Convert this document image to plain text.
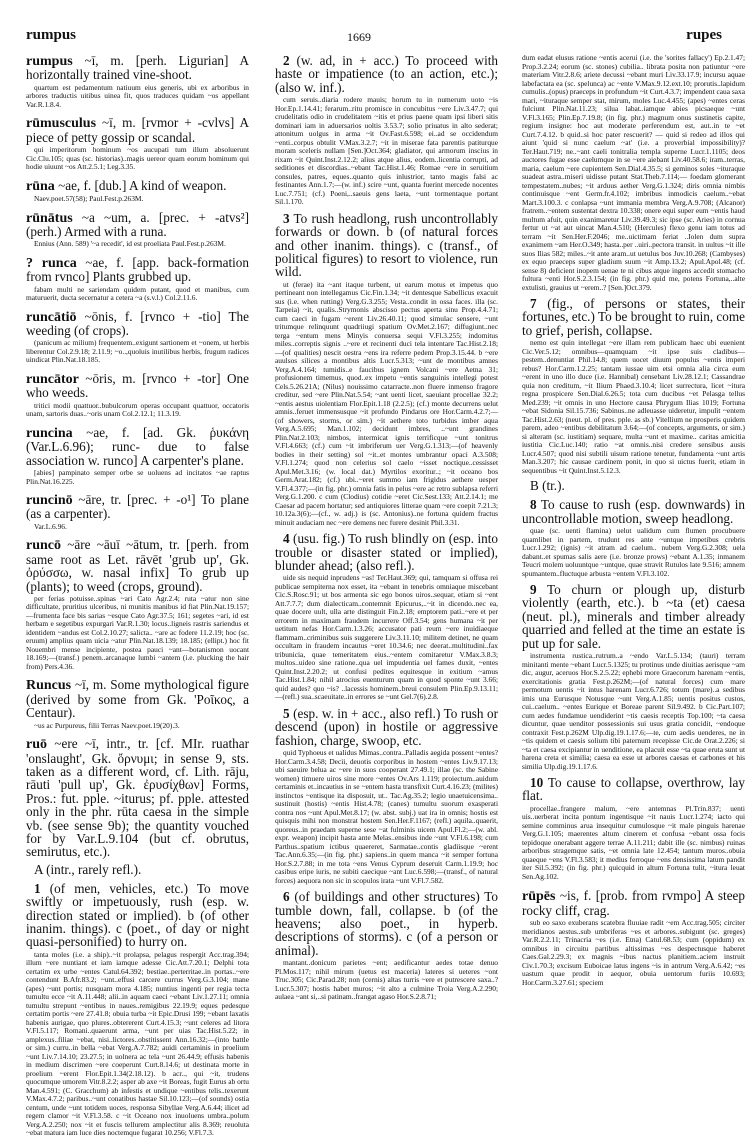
rumpus	1669	rupes

rumpus ~ī, m. [perh. Ligurian] A horizontally trained vine-shoot.

quartum est pedamentum natiuum eius generis, ubi ex arboribus in arbores traductis uitibus uinea fit, quos traduces quidam ~os appellant Var.R.1.8.4.

rūmusculus ~ī, m. [rvmor + -cvlvs] A piece of petty gossip or scandal.

qui imperitorum hominum ~os aucupati tum illum absoluerunt Cic.Clu.105; quas (sc. historias)..magis uereor quam eorum hominum qui hodie uiuunt ~os Att.2.5.1; Leg.3.35.

rūna ~ae, f. [dub.] A kind of weapon.

Naev.poet.57(58); Paul.Fest.p.263M.

rūnātus ~a ~um, a. [prec. + -atvs²] (perh.) Armed with a runa.

Ennius (Ann. 589) '~a recedit', id est proeliata Paul.Fest.p.263M.

? runca ~ae, f. [app. back-formation from rvnco] Plants grubbed up.

fabam multi ne sariendam quidem putant, quod et manibus, cum maturuerit, ducta secernatur a cetera ~a (s.v.l.) Col.2.11.6.

runcātiō ~ōnis, f. [rvnco + -tio] The weeding (of crops).

(panicum ac milium) frequentem..exigunt sartionem et ~onem, ut herbis liberentur Col.2.9.18; 2.11.9; ~o..,quoluis inutilibus herbis, frugum radices uindicat Plin.Nat.18.185.

runcātor ~ōris, m. [rvnco + -tor] One who weeds.

tritici modii quattuor..bubulcorum operas occupant quattuor, occatoris unam, sartoris duas..~oris unam Col.2.12.1; 11.3.19.

runcina ~ae, f. [ad. Gk. ῥυκάνη (Var.L.6.96); runc- due to false association w. runco] A carpenter's plane.

[abies] pampinato semper orbe se uoluens ad incitatos ~ae raptus Plin.Nat.16.225.

runcinō ~āre, tr. [prec. + -o¹] To plane (as a carpenter).

Var.L.6.96.

runcō ~āre ~āuī ~ātum, tr. [perh. from same root as Let. rāvēt 'grub up', Gk. ὀρύσσω, w. nasal infix] To grub up (plants); to weed (crops, ground).

per ferias potuisse..spinas ~ari Cato Agr.2.4; ruta ~atur non sine difficultate, pruritius ulceribus, ni munitis manibus id fiat Plin.Nat.19.157;—frumenta face bis sarias ~esque Cato Agr.37.5; 161; segetes ~ari, id est herbam e segetibus expurgari Var.R.1.30; locus..ligneis rastris sariendus et identidem ~andus est Col.2.10.27; salicta.. ~are ac fodere 11.2.19; hoc (sc. eruum) amplius quam uicia ~atur Plin.Nat.18.139; 18.185; (ellipt.) hoc fit Nouembri mense incipiente, postea pauci ~ant—botanismon uocant 18.169;—(transf.) penem..arcanaque lumbi ~antem (i.e. plucking the hair from) Pers.4.36.

Runcus ~ī, m. Some mythological figure (derived by some from Gk. 'Ροῖκος, a Centaur).

~us ac Purpureus, filii Terras Naev.poet.19(20).3.

ruō ~ere ~ī, intr., tr. [cf. MIr. ruathar 'onslaught', Gk. ὄρνυμι; in sense 9, sts. taken as a different word, cf. Lith. rāju, rāuti 'pull up', Gk. ἐρυσίχθων] Forms, Pros.: fut. pple. ~iturus; pf. pple. attested only in the phr. rūta caesa in the simple vb. (see sense 9b); the quantity vouched for by Var.L.9.104 (but cf. obrutus, semirutus, etc.).

A (intr., rarely refl.).

1 (of men, vehicles, etc.) To move swiftly or impetuously, rush (esp. w. direction stated or implied). b (of other inanim. things). c (poet., of day or night quasi-personified) to hurry on.

tanta moles (i.e. a ship)..~it prolapsa, pelagus respergit Acc.trag.394; illum ~ere nuntiant et iam iamque adesse Cic.Att.7.20.1; Delphi tota certatim ex urbe ~entes Catul.64.392; bestiae..perterritae..in portas..~ere contendunt B.Afr.83.2; ~unt..effusi carcere currus Verg.G.3.104; mane (apes) ~unt portis; nusquam mora 4.185; nuntius ingenti per regia tecta tumultu ecce ~it A.11.448; alii..in aquam caeci ~ebant Liv.1.27.11; omnia tumultu strepunt ~entibus in naues..remigibus 22.19.9; eques pedesque certatim portis ~ere 27.41.8; obuia turba ~it Epic.Drusi 199; ~ebant laxatis habenis aurigae, quo plures..obtererent Curt.4.15.3; ~unt celeres ad litora V.Fl.5.117; Romani..quaerunt arma, ~unt per uias Tac.Hist.5.22; in amplexus..filiae ~ebat, nisi..lictores..obstitissent Ann.16.32;—(into battle or sim.) curru..in bella ~ebat Verg.A.7.782; auidi certaminis in proelium ~unt Liv.7.14.10; 23.27.5; in uolnera ac tela ~unt 26.44.9; effusis habenis in medium discrimen ~ere coeperunt Curt.8.14.6; ut destinata morte in proelium ~erent Flor.Epit.1.34(2.18.12). b acr.., qui ~it, trudens quocumque umorem Vitr.8.2.2; asper ab axe ~it Boreas, fugit Eurus ab ortu Man.4.591; (C. Gracchum) ab infestis et undique ~entibus telis..texerunt V.Max.4.7.2; paribus..~unt conatibus hastae Sil.10.123;—(of sounds) ostia centum, unde ~unt totidem uoces, responsa Sibyllae Verg.A.6.44; ilicet ad regem clamor ~it V.Fl.3.58. c ~it Oceano nox inuoluens umbra..polum Verg.A.2.250; nox ~it et fuscis tellurem amplectitur alis 8.369; reuoluta ~ebat matura iam luce dies noctemque fugarat 10.256; V.Fl.7.3.

2 (w. ad, in + acc.) To proceed with haste or impatience (to an action, etc.); (also w. inf.).

cum seruis..diaria rodere mauis; horum tu in numerum uoto ~is Hor.Ep.1.14.41; ferarum..ritu promisce in concubitus ~ere Liv.3.47.7; qui crudelitatis odio in crudelitatem ~itis et prius paene quam ipsi liberi sitis dominari iam in aduersarios uoltis 3.53.7; solio priuatus in alto sederat; attonitum uolgus in arma ~it Ov.Fast.6.598; ei..ad se occidendum ~enti..corpus obtulit V.Max.3.2.7; ~it in miserae fata parentis patiturque moram sceleris nullam [Sen.]Oct.364; gladiator, qui armorum inscius in rixam ~it Quint.Inst.2.12.2; alius atque alius, eodem..licentia corrupti, ad seditiones et discordias..~ebant Tac.Hist.1.46; Romae ~ere in seruitium consules, patres, eques..quanto quis inlustrior, tanto magis falsi ac festinantes Ann.1.7;—(w. inf.) scire ~unt, quanta fuerint mercede nocentes Luc.7.751; (cf.) Poeni,..saeuis gens laeta, ~unt tormentaque portant Sil.1.170.

3 To rush headlong, rush uncontrollably forwards or down. b (of natural forces and other inanim. things). c (transf., of political figures) to resort to violence, run wild.

ut (ferae) ita ~ant itaque turbent, ut earum motus et impetus quo pertineant non intellegamus Cic.Fin.1.34; ~it dentesque Sabellicus exacuit sus (i.e. when rutting) Verg.G.3.255; Vesta..condit in ossa faces. illa (sc. Tarpeia) ~it, qualis..Strymonis abscisso pectus aperta sinu Prop.4.4.71; cum caeci in fugam ~erent Liv.26.40.11; quod simulac sensere, ~unt tritumque relinquunt quadriiugi spatium Ov.Met.2.167; diffugiunt..nec terga ~entum mens Minyis conuersa sequi V.Fl.3.255; indomitus miles..correptis signis ..~ere et recinenti duci tela intentare Tac.Hist.2.18;—(of qualities) nescit oestra ~ens ira referre pedem Prop.3.15.44. b ~ere auulsos silices a montibus altis Lucr.5.313; ~unt de montibus amnes Verg.A.4.164; tumidis..e faucibus ignem Volcani ~ere Aetna 31; profusionem timemus, quod..ex impetu ~entis sanguinis intellegi potest Cels.5.26.21A; (Nilus) nouissimo catarracte..non fluere inmenso fragore creditur, sed ~ere Plin.Nat.5.54; ~ant uenti licet, saeuiant procellae 32.2; ~entis aestus uiolentiam Flor.Epit.1.18 (2.2.5); (cf.) monte decurrens uelut amnis..feruet immensusque ~it profundo Pindarus ore Hor.Carm.4.2.7;—(of showers, storms, or sim.) ~it aethere toto turbidus imber aqua Verg.A.5.695; Man.1.102; decidunt imbres, ..~unt grandines Plin.Nat.2.103; nimbos, intermicat ignis terrificque ~unt tonitrus V.Fl.4.663; (cf.) cum ~it imbriferum uer Verg.G.1.313;—(of heavenly bodies in their setting) sol ~it..et montes umbrantur opaci A.3.508; V.Fl.1.274; quod non celerius sol caelo ~isset noctique..cessisset Apul.Met.3.16; (w. local dat.) Myrtilos exoritur..; ~it oceano bos Germ.Arat.182; (cf.) ubi..~eret summo iam frigidus aethere uesper V.Fl.4.377;—(in fig. phr.) omnia fatis in pelus ~ere ac retro sublapsa referri Verg.G.1.200. c cum (Clodius) cotidie ~eret Cic.Sest.133; Att.2.14.1; me Caesar ad pacem hortatur; sed antiquiores litterae quam ~ere coepit 7.21.3; 10.12a.3(6);—(cf., w. adj.) is (sc. Antonius)..ne fortuna quidem fractus minuit audaciam nec ~ere demens nec furere desinit Phil.3.31.

4 (usu. fig.) To rush blindly on (esp. into trouble or disaster stated or implied), blunder ahead; (also refl.).

uide sis nequid inprudens ~as! Ter.Haut.369; qui, tamquam si offusa rei publicae sempiterna nox esset, ita ~ebant in tenebris omniaque miscebant Cic.S.Rosc.91; ut bos armenta sic ego bonos uiros..sequar, etiam si ~ent Att.7.7.7; dum dialecticam..contemnit Epicurus,..~it in dicendo..nec ea, quae docere uult, ulla arte distinguit Fin.2.18; emptorem pati..~ere et per errorem in maximam fraudem incurrere Off.3.54; gens humana ~it per uetitum nefas Hor.Carm.1.3.26; accusator pati reum ~ere inuidiaeque flammam..criminibus suis suggerere Liv.3.11.10; militem detinet, ne quam occultam in fraudem incautus ~eret 10.34.6; nec deerat..multitudini..fax tribunicia, quae temeritatem eius..~entem comitaretur V.Max.3.8.3; multos..uideo sine ratione..qua uel impudentia uel fames duxit, ~entes Quint.Inst.2.20.2; ut confusi pedites equitesque in exitium ~amus Tac.Hist.1.84; nihil atrocius euenturum quam in quod sponte ~unt 3.66; quid audes? quo ~is? ..lacessis hominem..breui consulem Plin.Ep.9.13.11;—(refl.) sua..scaeuitate..in errores se ~unt Gel.7(6).2.8.

5 (esp. w. in + acc., also refl.) To rush or descend (upon) in hostile or aggressive fashion, charge, swoop, etc.

quid Typhoeus et ualidus Mimas..contra..Palladis aegida possent ~entes? Hor.Carm.3.4.58; Decii, deuotis corporibus in hostem ~entes Liv.9.17.13; ubi saeuire belua ac ~ere in suos cooperant 27.49.1; illae (sc. the Sabine women) timuere uiros sine more ~entes Ov.Ars 1.119; proiectum..auidum certaminis et..incautius in se ~entem hasta transfixit Curt.4.16.23; (milites) instinctos ~entisque ita disposuit, ut.. Tac.Ag.35.2; legio unaetuicensima.. sustinuit (hostis) ~entis Hist.4.78; (canes) tumultu suorum exasperati contra nos ~unt Apul.Met.8.17; (w. abst. subj.) uat ira in omnis; hostis est quisquis mihi non monstrat hostem Sen.Her.F.1167; (refl.) aquila..quaerit, quoreus..in praedam superne sese ~at fulminis uicem Apul.Fl.2;—(w. abl. expr. weapon) incipit hasta ante Melas..ensibus inde ~unt V.Fl.6.198; cum Parthus..spatium ictibus quaereret, Sarmatae..contis gladiisque ~erent Tac.Ann.6.35;—(in fig. phr.) sapiens..in quem manca ~it semper fortuna Hor.S.2.7.88; in me tota ~ens Venus Cyprum deseruit Carm.1.19.9; hoc casibus eripe iuris, ne subiti caecique ~ant Luc.6.598;—(transf., of natural forces) aequora non sic in scopulos irata ~unt V.Fl.7.582.

6 (of buildings and other structures) To tumble down, fall, collapse. b (of the heavens; also poet., in hyperb. descriptions of storms). c (of a person or animal).

mantant..donicum parietes ~ent; aedificantur aedes totae denuo Pl.Mos.117; nihil mirum (uetus est maceria) lateres si ueteres ~ont Truc.305; Cic.Parad.28; non (cernis) altas turris ~ere et putrescere saxa..? Lucr.5.307; hostis habet muros; ~it alto a culmine Troia Verg.A.2.290; aulaea ~ant si,..si patinam..frangat agaso Hor.S.2.8.71;

dum eadat elusus ratione ~entis acerui (i.e. the 'sorites fallacy') Ep.2.1.47; Prop.3.2.24; eorum (sc. stones) cubilia.. librata posita non patiuntur ~ere materiam Vitr.2.8.6; ariete decussi ~ebant muri Liv.33.17.9; incursu aquae labefactata ea (sc. spelunca) ac ~ente V.Max.9.12.ext.10; prorutis..lapidum cumulis..(opus) praeceps in profundum ~it Curt.4.3.7; impendent caua saxa mari, ~ituraque semper stat, mirum, moles Luc.4.455; (apes) ~entes ceras fulciunt Plin.Nat.11.23; silua labat..iamque abies picsaeque ~unt V.Fl.3.165; Plin.Ep.7.19.8; (in fig. phr.) magnum onus sustinetis capite, regium insigne: hoc aut moderate perferendum est, aut..in te ~et Curt.7.4.12. b quid..si hoc pater rescuerit? — quid si redeo ad illos qui aiunt 'quid si nunc caelum ~at' (i.e. a proverbial impossibility)? Ter.Haut.719; ne..~ant caeli tonitralia templa superne Lucr.1.1105; deos auctores fugae esse caelumque in se ~ere aiebant Liv.40.58.6; iram..terras, maria, caelum ~ere cupientem Sen.Dial.4.35.5; si geminos soles ~ituraque suadeat astra..miseri uidisse putant Stat.Theb.7.114;— foedam glomerant tempestatem..nubes; ~it arduus aether Verg.G.1.324; diris omnia nimbis continuisque ~ent Germ.fr.4.102; imbribus inmodicis caelum..~ebat Mart.3.100.3. c conlapsa ~unt immania membra Verg.A.9.708; (Alcanor) fratrem..~entem sustentat dextra 10.338; onere equi super eum ~entis haud multum afuit, quin exanimaretur Liv.39.49.3; sic ipse (sc. Aries) in cornua fertur ut ~at aut uincat Man.4.510; (Hercules) flexo genu iam totus ad terram ~it Sen.Her.F.2046; me..uictimam feriat ..Iolen dum supra exanimem ~am Her.O.349; hasta..per ..uiri..pectora transit. in uultus ~it ille suos Ilias 582; miles..~it ante aram..ut uetulus bos Juv.10.268; (Cambyses) ex equo praeceps super gladium suum ~it Amp.13.2; Apul.Apol.48; (cf. sense 8) deficient inopem uenae te ni cibus atque ingens accedit stomacho fultura ~enti Hor.S.2.3.154; (in fig. phr.) quid me, potens Fortuna,..alte extulisti, grauius ut ~erem..? [Sen.]Oct.379.

7 (fig., of persons or states, their fortunes, etc.) To be brought to ruin, come to grief, perish, collapse.

nemo est quin intellegat ~ere illam rem publicam haec ubi euenient Cic.Ver.5.12; omnibus—quamquam ~it ipse suis cladibus—pestem..denuntiat Phil.14.8; quem uocet diuum populus ~entis imperi rebus? Hor.Carm.1.2.25; tantam iussae uim etsi omnia alia circa eum ~erent in uno illo duce (i.e. Hannibal) censebant Liv.28.12.1; Cassandrae quia non creditum, ~it Ilium Phaed.3.10.4; licet surrectura, licet ~itura regna prospicere Sen.Dial.6.26.5; tota cum ducibus ~et Pelasga tellus Med.239; ~it omnis in uno Hectore causa Phrygum Ilias 1019; Fortuna ~ebat Sidonia Sil.15.736; Sabinus..ne adleuasse uideretur, impulit ~entem Tac.Hist.2.63; (neut. pl. of pres. pple. as sb.) Vitellium ne prosperis quidem parem, adeo ~entibus debilitatum 3.64;—(of concepts, arguments, or sim.) si alteram (sc. iustitiam) sequare, multa ~unt et maxime.. caritas amicitia iustitia Cic.Luc.140; ratio ~at omnis..nisi credere sensibus ausis Lucr.4.507; quod nisi subtili uisum ratione tenetur, fundamenta ~unt artis Man.3.207; hic causae cardinem ponit, in quo si uictus fuerit, etiam in sequentibus ~it Quint.Inst.5.12.3.

B (tr.).

8 To cause to rush (esp. downwards) in uncontrollable motion, sweep headlong.

quae (sc. uenti flamina) uelut ualidum cum flumen procubuere quamlibet in partem, trudunt res ante ~untque impetibus crebris Lucr.1.292; (ignis) ~it atram ad caelum.. nubem Verg.G.2.308; uela dabant..et spumas salis aere (i.e. bronze prows) ~ebant A.1.35; inmanem Teucri molem uoluuntque ~untque, quae stravit Rutulos late 9.516; amnem spumantem..fluctuque arbusta ~entem V.Fl.3.102.

9 To churn or plough up, disturb violently (earth, etc.). b ~ta (et) caesa (neut. pl.), minerals and timber already quarried and felled at the time an estate is put up for sale.

instrumenta rustica..rutrum..a ~endo Var.L.5.134; (tauri) terram minitanti mente ~ebant Lucr.5.1325; tu protinus unde diuitias aerisque ~am dic, augur, aceruos Hor.S.2.5.22; ephebi more Graecorum harenam ~entis, exercitationis gratia Fest.p.262M;—(of natural forces) cum mare permotum uentis ~it intus harenam Lucr.6.726; totum (mare)..a sedibus imis una Eurusque Notusque ~unt Verg.A.1.85; uentis positus custos, cui..caelum.. ~entes Eurique et Boreae parent Sil.9.492. b Cic.Part.107; cum aedes fundamue uendiderint ~tis caesis receptis Top.100; ~ta caesa dicuntur, quae uenditor possessionis sui usus gratia concidit, ~endoque contraxit Fest.p.262M Ulp.dig.19.1.17.6;—te, cum aedis uenderes, ne in ~tis quidem et caesis solium tibi paternum recepisse Cic.de Orat.2.226; si ~ta et caesa excipiantur in uenditione, ea placuit esse ~ta quae eruta sunt ut harena creta et similia; caesa ea esse ut arbores caesas et carbones et his similia Ulp.dig.19.1.17.6.

10 To cause to collapse, overthrow, lay flat.

procellae..frangere malum, ~ere antemnas Pl.Trin.837; uenti uis..uerberat incita pontum ingentisque ~it nauis Lucr.1.274; iacto qui semine comminus arua insequitur cumulosque ~it male pinguis harenae Verg.G.1.105; maerentes altum cinerem et confusa ~ebant ossa focis tepidoque onerabant aggere terrae A.11.211; dabit ille (sc. nimbus) ruinas arboribus stragemque satis, ~et omnia late 12.454; tantum muros..obuia quaeque ~ens V.Fl.3.583; it medius ferroque ~ens densissima latum pandit iter Sil.5.392; (in fig. phr.) quicquid in altum Fortuna tulit, ~itura leuat Sen.Ag.102.

rūpēs ~is, f. [prob. from rvmpo] A steep rocky cliff, crag.

sub eo saxo exuberans scatebra fluuiae radit ~em Acc.trag.505; circiter meridianos aestus..sub umbriferas ~es et arbores..subigunt (sc. greges) Var.R.2.2.11; Trinacria ~es (i.e. Etna) Catul.68.53; cum (oppidum) ex omnibus in circuitu partibus altissimas ~es despectusque haberet Caes.Gal.2.29.3; ex magnis ~ibus nactus planitiem..aciem instruit Civ.1.70.3; excisum Euboicae latus ingens ~is in antrum Verg.A.6.42; ~es uastum quae prodit in aequor, obuia uentorum furiis 10.693; Hor.Carm.3.27.61; speciem
